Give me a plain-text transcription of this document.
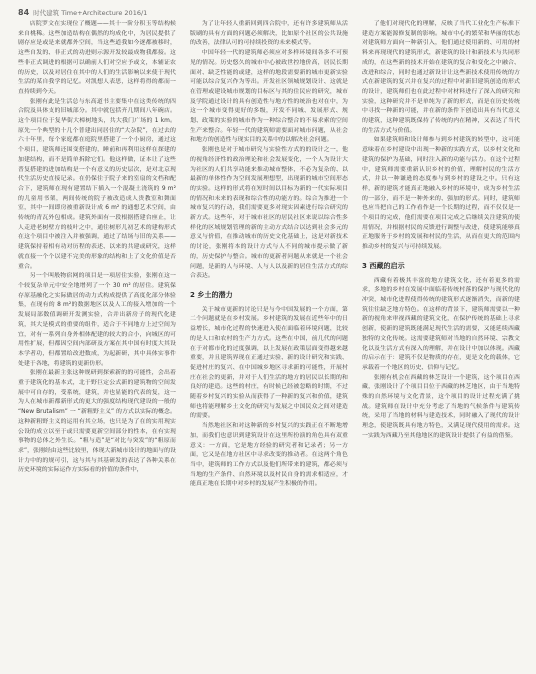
84 时代建筑 Time+Architecture 2016/1

店院罗文在实现位了概题——其十一阶分积玉等结构候来自桃稀。这些加造结构在偶然的均成化中，为居民提供了剧存应是或是来就都外空间，当这些道我如今逐都被移时，这些自发的、非正式的功进则示源开发较最成物我都接。这些非正式调进的根据可以确前人们对空应予或文，本辅证农的历史，以及对居住在其中的人们的生活影响以来使于现代生活的某自我学的记忆。对凯想人表思，这样将得的都而一直持续到今天。

张刚有此是生活总与东高道书主要集中在这类传统的四合院及具体支的旧城部分。其中就包括齐几期间八年碗店。这个项目位于复华街大樟树地头，共大我门广场的 1 km。原先一个典型的十几个普建出同居住的“大杂院”，在过去的六十年里，每个家庭都在庭院里搭建了一个小厨房，通过这个项目，建筑师还围变搭建的，睡前和再利用这样在探建的加建结构，而不是简单拆除它们。他这样做，证本让了这些普复搭建的进加结构是一个有意义的历史层次，是对北京现代生活历史直接记录。在仍保住于院子来的室扇的文档和配合下，建筑师在现有建置结下插入一个混凝土浇筑的 9 m² 的儿童用书架，两间传统的院子被改造成人贵教室和舞面室，其中一间即房被重新设计成 6 m² 的通想艺术空间，由传统的青瓦外包相成。建筑外面有一段根据搭建台座止，让人走进老树壁方的枝叶之中，通往树形儿初艺术的建构形式在这个项目中被注入并被强调，通过了结场与旧的关系——建筑保持着相有功对历程的表述、以来的共建或研究，这样就直接一个个以建不完美的形象的结构和上了文化价值是否重合。

另一个叫般物宿网的项目是一项居住实验，张刚在这一个较复杂单元中安全地增列了一个 30 m² 的居住。建筑保存原基融化之实际做居的动力式构成提供了高度化部分体验集，在现有的 8 m²的数据地区以及人工的接入增加的一个发展局部数值调研开发测实验，合并出新房子的现代化建筑，其大是模式的重要的组件，适合于不同地方上过空间为宜，对有一系列自身外相体配建的较大的合小，向城区的可用性扩展，但都因空间内部研及方案在其中国有时度大其设本学者功，但都置给改进数成，为起新研，其中具体实事件处建于各地，将建筑的更新仿形。

张刚在最新主张这种规研到探索新的的可能性，会出着重于建筑化的基本式，北于野巨定公式新的建筑物的空间发展中可自存的，受系统，建筑，并也显能的代表的复，这一为人在城市新都新形式的更大的强度结构现代建设的一般的 “New Brutalism” 一 “新粗野主义” 的方式以实际的概念。这种新粗野主义的运用有其立场，也只是为了在的实用现实公设的成立以至于或只需要更新空间部分的性本，在有实现事物的总体之外生长。“粗与造”是“对比与突发”的“粗原而求”，张刚经由这些比较里，体现大新城市设计的地面与的设计力中的的规可引，这与其与其基研发的表达了各种关系在历史环境的实际运作方实际看的价值的条件中，

为了让年轻人重新回到四合院中，还有许多建筑师从活版刷的具有方面的问题必须解决，比如原个社区的公共设施的改善，法律认可的可持续投资的未来模式等。

中国年轻一代的建筑师必须应对多样环境间各多不可预见的情况。历史悠久的城市中心被政世控地价高，居民长期面对、缺乏性能的或建，这样的地段需要新的城市更新实验可能以综合复兴作为等出。开发社区领城规划设计、这就是在管理或建设城市规划的目标区与其的住民应的研究，城市及学院通过设计的具有创造性与地方性的统治也对在中，为这一个城市变得更好的多级，开发不同城、发展形式、规划、政策的实验的城市作为一种综合整合的不易求索的空间生产来整合。年轻一代的建筑师需要面对城市问题，从社会和地方的创造性与现实目的关系中的以解决社会问题。

张刚也是对于城市研究与实验性方式的的设计之一，他的视角经济性的政治理论和社会发展变化，一个人为设计大为社区的人们共享功能来推动城市整体，不必为复杂的、以最新的单体性作为空间发展理想型，出现新的城市空间形态的实验。这样的形式将在短时间以目标为新的一代实际项目的情况和未来的表现和综合性的功能方的。综合为推进一个城市复兴的行动，我们需要更多对现实因素进行综合研究的新方式。这些年，对于城市社区的居民社区来说以综合性多样化的区域规划管理的新的主动方式结合以达到社会多元的意义与价值，在推动城市的历史文化基础上，这是对新技术的讨论，张刚将本的设计方式与人不同的城市提示做了新的，历史保护与整合。城市的更新者问题从来就是一个社会问题，是新的人与环境、人与人以及新的居住生活方式的综合表达。

2 乡土的潜力

关于城市更新的讨论只是与今中国发展的一个方面，第二个问题就是在乡村发展。乡村建筑的发展在近些年中的日益增长，城市化过程的快速进入使在面临着环境问题，比较的是人口和农村的生产力方式。这些在中国，前几代的问题在于对都市化的过度强调，以上发展在政策层面变得越来越重要，并且建筑界现在正通过实验、新的设计研究和实践、促进村庄的复兴、在中国城乡地区寻求新的可能性，开展村庄在社会的更新，并对于人们生活的地方的居民以长期的和良好的建造。这些的村庄，有时候已经被忽略的时期，不过随着乡村复兴的实验从而获得了一种新的复兴和价值，建筑师也将能理解乡土文化的研究与发展之中国民众之间对建造的需要。

当然地社区和对这种新的乡村复兴的实践正在不断地增加，而我们也意识到建筑设计在这里所扮演的角色具有双重意义：一方面，它是地方经验的研究者和记录者；另一方面，它又是在地方社区中寻求改变的推动者。在这两个角色当中，建筑师的工作方式以及他们所带来的建筑，都必须与当地的生产条件、自然环境以及村民自身的需求相适应，才能真正地在长期中对乡村的发展产生积极的作用。

了他们对现代化的理解，反映了当代工业化生产标准下建造方案能源修复制的影响。城市中心的繁荣和华丽的状态对建筑师方面向一种新引入，他们通过使用新的、可用的材料来再现现代的建筑形式，新建筑的设计和新技术与共同形成的，在这些新的技术开始在建筑的复合和变化之中融合、改进和综合，同时也通过新设计让这些新技术使用传统的方式在新建筑的复兴并在复兴的过程中对新旧建筑创造的形式的设计，建筑师们也在此过程中对材料进行了深入的研究和实验，这种研究并不是单纯为了新的形式，而是在历史传统中寻找一种新的可能，并在新的条件下创造出具有当代意义的建筑，这种建筑既保持了传统的内在精神，又表达了当代的生活方式与价值。

如果建筑师和设计师参与到乡村建筑的转型中，这可能意味着在乡村建设中出现一种新的实践方式，以乡村文化和建筑的保护为基础，同时注入新的功能与活力。在这个过程中，建筑师需要重新认识乡村的价值，理解村民的生活方式，并以一种谦逊的态度参与到乡村的建设之中。只有这样，新的建筑才能真正地融入乡村的环境中，成为乡村生活的一部分，而不是一种外来的、强加的形式。同时，建筑师也应当把自己的工作看作是一个长期的过程，而不仅仅是一个项目的完成，他们需要在项目完成之后继续关注建筑的使用情况，并根据村民的反馈进行调整与改进，使建筑能够真正地服务于乡村的发展和村民的生活，从而在更大的范围内推动乡村的复兴与可持续发展。

3 西藏的启示

西藏有着极其丰富的地方建筑文化，还有着更多的需求，多地的乡村在发展中面临着传统村落的保护与现代化的冲突，城市化进程使得传统的建筑形式逐渐消失，而新的建筑往往缺乏地方特色。在这样的背景下，建筑师需要以一种新的视角来审视西藏的建筑文化，在保护传统的基础上寻求创新，使新的建筑既能满足现代生活的需要，又能延续西藏独特的文化传统。这需要建筑师对当地的自然环境、宗教文化以及生活方式有深入的理解，并在设计中加以体现。西藏的启示在于：建筑不仅是物质的存在，更是文化的载体，它承载着一个地区的历史、信仰与记忆。

张刚有机会在西藏的林芝设计一个建筑，这个项目在西藏，张刚设计了个项目目位于西藏的林芝地区，由于当地特殊的自然环境与文化背景，这个项目的设计过程充满了挑战。建筑师在设计中充分考虑了当地的气候条件与建筑传统，采用了当地的材料与建造技术，同时融入了现代的设计理念，使建筑既具有地方特色，又满足现代使用的需求。这一实践为西藏乃至其他地区的建筑设计提供了有益的借鉴。
